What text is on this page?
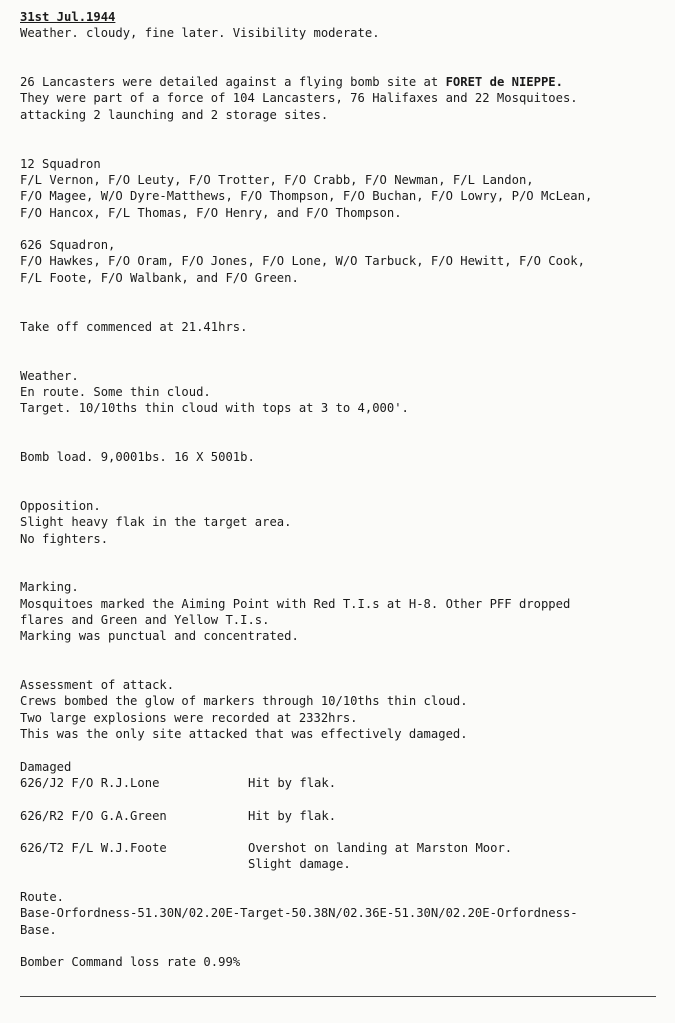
31st Jul.1944
Weather. cloudy, fine later. Visibility moderate.
26 Lancasters were detailed against a flying bomb site at FORET de NIEPPE.
They were part of a force of 104 Lancasters, 76 Halifaxes and 22 Mosquitoes.
attacking 2 launching and 2 storage sites.
12 Squadron
F/L Vernon, F/O Leuty, F/O Trotter, F/O Crabb, F/O Newman, F/L Landon,
F/O Magee, W/O Dyre-Matthews, F/O Thompson, F/O Buchan, F/O Lowry, P/O McLean,
F/O Hancox, F/L Thomas, F/O Henry, and F/O Thompson.
626 Squadron,
F/O Hawkes, F/O Oram, F/O Jones, F/O Lone, W/O Tarbuck, F/O Hewitt, F/O Cook,
F/L Foote, F/O Walbank, and F/O Green.
Take off commenced at 21.41hrs.
Weather.
En route. Some thin cloud.
Target. 10/10ths thin cloud with tops at 3 to 4,000'.
Bomb load. 9,0001bs. 16 X 5001b.
Opposition.
Slight heavy flak in the target area.
No fighters.
Marking.
Mosquitoes marked the Aiming Point with Red T.I.s at H-8. Other PFF dropped
flares and Green and Yellow T.I.s.
Marking was punctual and concentrated.
Assessment of attack.
Crews bombed the glow of markers through 10/10ths thin cloud.
Two large explosions were recorded at 2332hrs.
This was the only site attacked that was effectively damaged.
Damaged
626/J2 F/O R.J.Lone	Hit by flak.
626/R2 F/O G.A.Green	Hit by flak.
626/T2 F/L W.J.Foote	Overshot on landing at Marston Moor.
Slight damage.
Route.
Base-Orfordness-51.30N/02.20E-Target-50.38N/02.36E-51.30N/02.20E-Orfordness-
Base.
Bomber Command loss rate 0.99%
